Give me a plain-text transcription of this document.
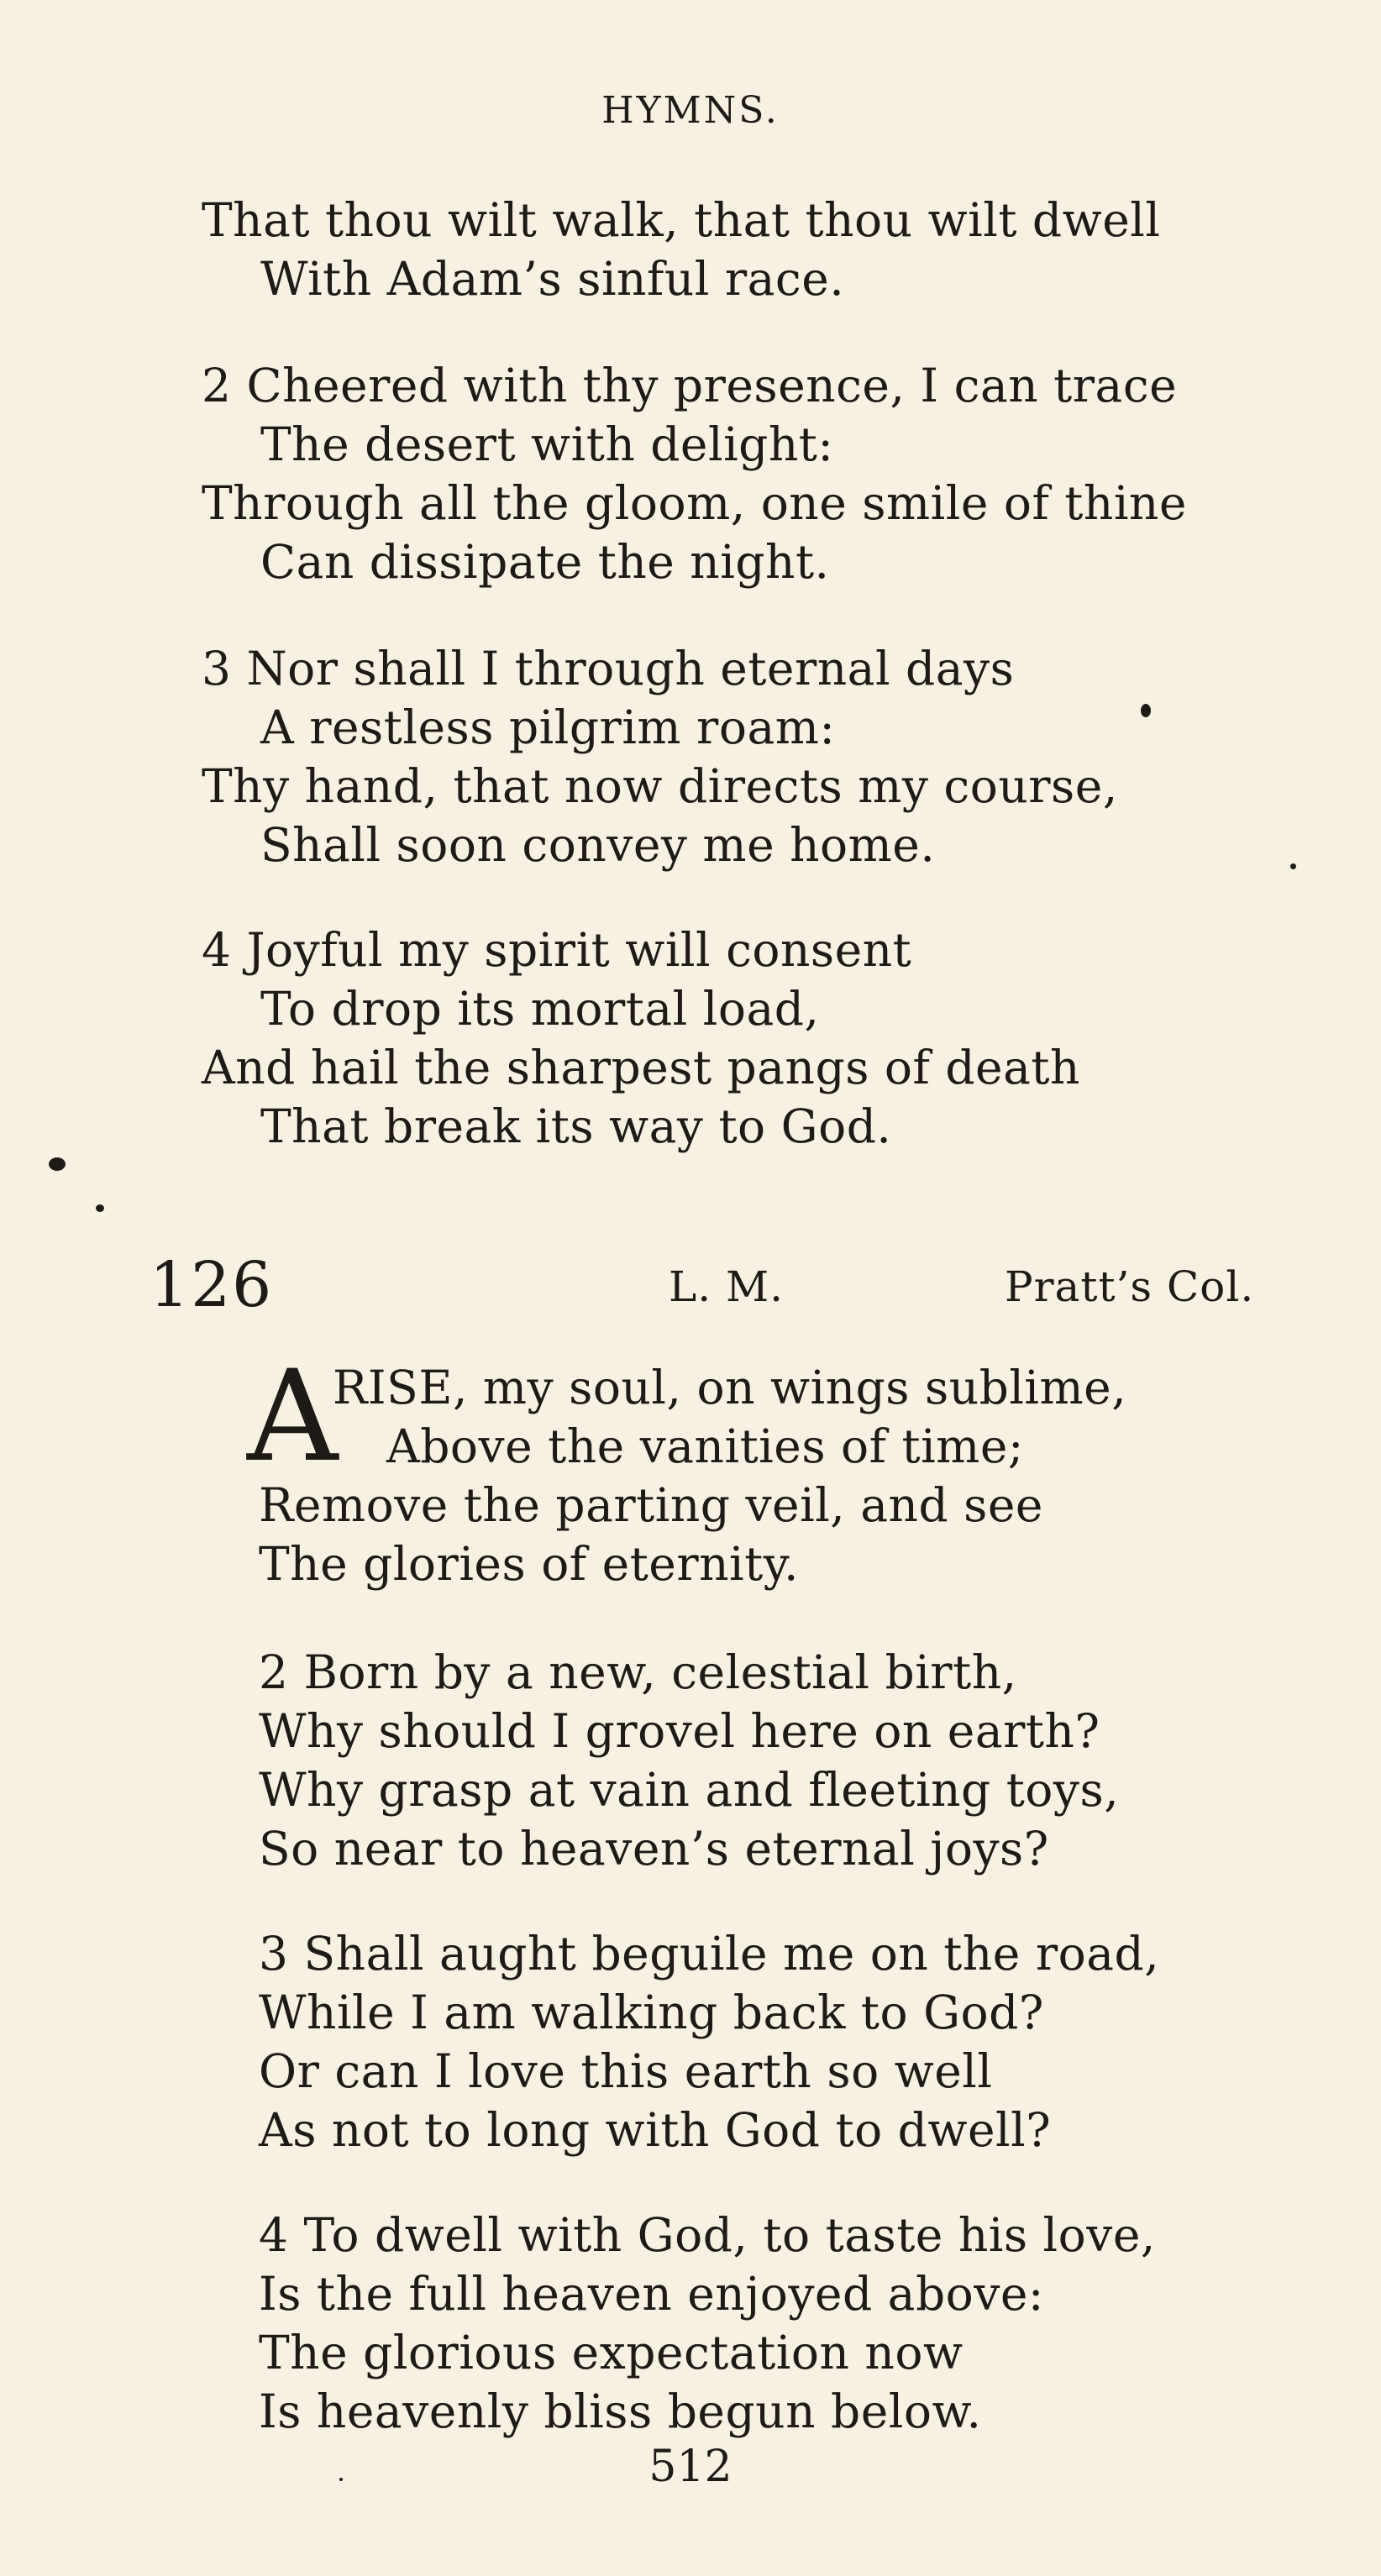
HYMNS.
That thou wilt walk, that thou wilt dwell
With Adam’s sinful race.
2 Cheered with thy presence, I can trace
The desert with delight:
Through all the gloom, one smile of thine
Can dissipate the night.
3 Nor shall I through eternal days
A restless pilgrim roam:
Thy hand, that now directs my course,
Shall soon convey me home.
4 Joyful my spirit will consent
To drop its mortal load,
And hail the sharpest pangs of death
That break its way to God.
126	L. M.	Pratt’s Col.
A
RISE, my soul, on wings sublime,
Above the vanities of time;
Remove the parting veil, and see
The glories of eternity.
2 Born by a new, celestial birth,
Why should I grovel here on earth?
Why grasp at vain and fleeting toys,
So near to heaven’s eternal joys?
3 Shall aught beguile me on the road,
While I am walking back to God?
Or can I love this earth so well
As not to long with God to dwell?
4 To dwell with God, to taste his love,
Is the full heaven enjoyed above:
The glorious expectation now
Is heavenly bliss begun below.
512
